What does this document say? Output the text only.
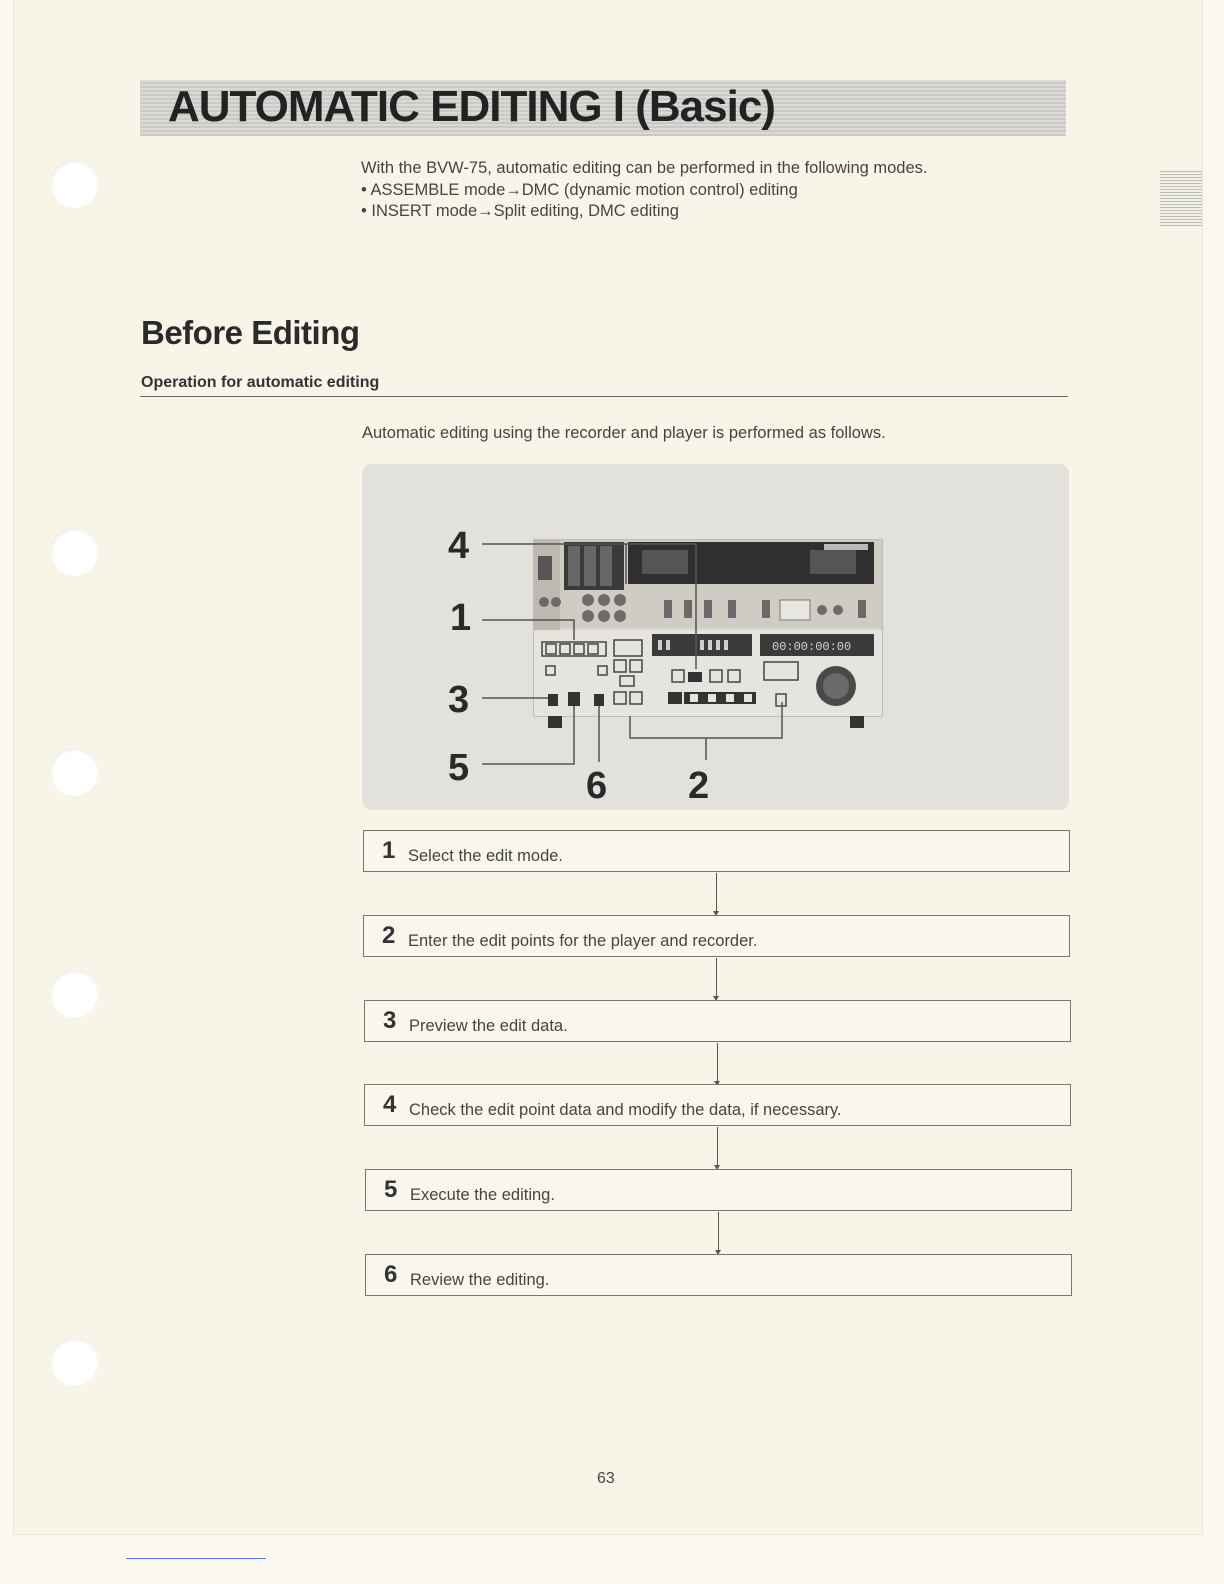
AUTOMATIC EDITING I (Basic)
With the BVW-75, automatic editing can be performed in the following modes.
• ASSEMBLE mode→DMC (dynamic motion control) editing
• INSERT mode→Split editing, DMC editing
Before Editing
Operation for automatic editing
Automatic editing using the recorder and player is performed as follows.
00:00:00:00
4
1
3
5	6 2
1 Select the edit mode.
2 Enter the edit points for the player and recorder.
3 Preview the edit data.
4 Check the edit point data and modify the data, if necessary.
5 Execute the editing.
6 Review the editing.
63
